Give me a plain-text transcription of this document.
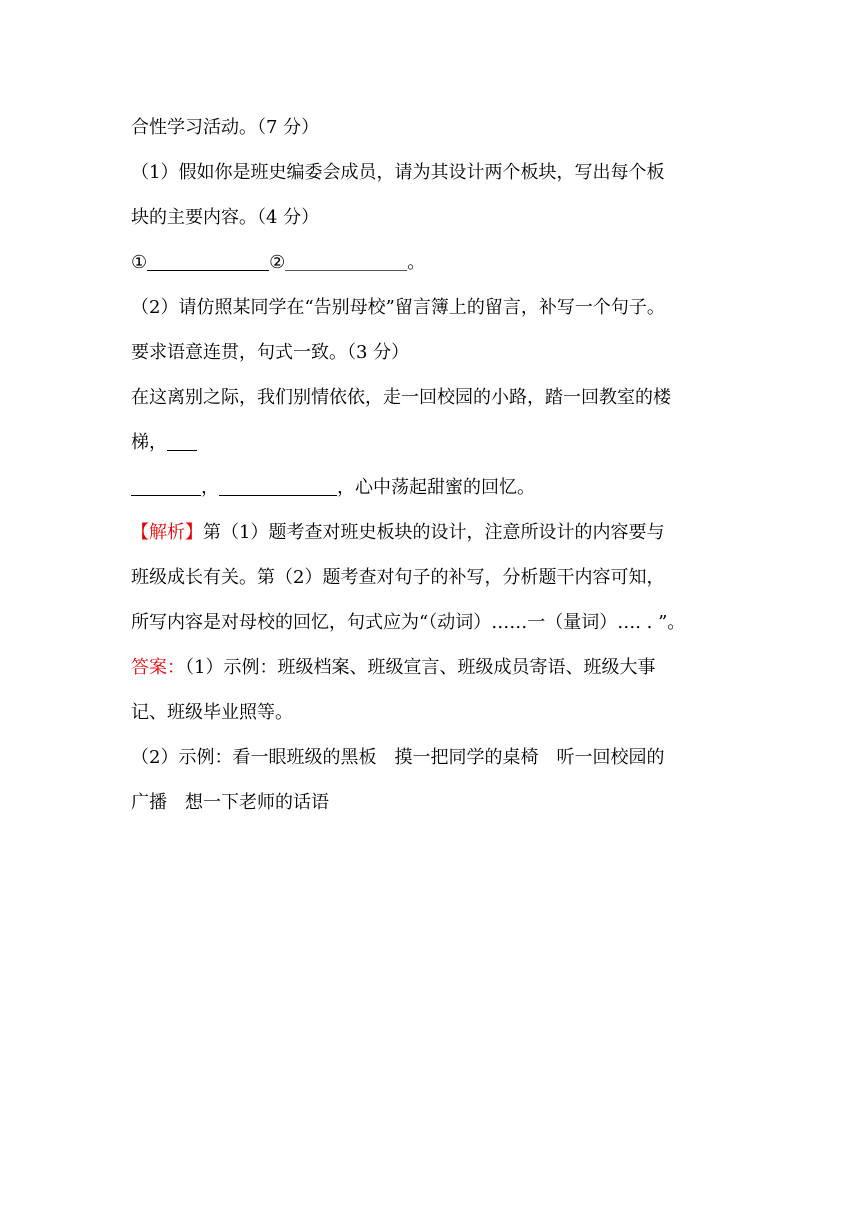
合性学习活动。（7 分）
（1）假如你是班史编委会成员，请为其设计两个板块，写出每个板
块的主要内容。（4 分）
①	②	。
（2）请仿照某同学在“告别母校”留言簿上的留言，补写一个句子。
要求语意连贯，句式一致。（3 分）
在这离别之际，我们别情依依，走一回校园的小路，踏一回教室的楼
梯，
，	，心中荡起甜蜜的回忆。
【解析】第（1）题考查对班史板块的设计，注意所设计的内容要与
班级成长有关。第（2）题考查对句子的补写，分析题干内容可知，
所写内容是对母校的回忆，句式应为“（动词）……一（量词）…. . ”。
答案：（1）示例：班级档案、班级宣言、班级成员寄语、班级大事
记、班级毕业照等。
（2）示例：看一眼班级的黑板　摸一把同学的桌椅　听一回校园的
广播　想一下老师的话语
